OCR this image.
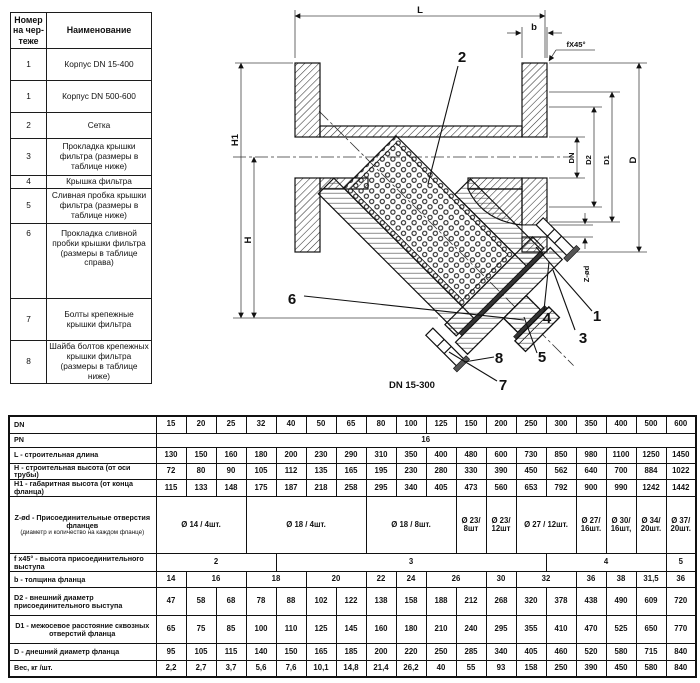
Номер на чер-теже	Наименование
1	Корпус DN 15-400
1	Корпус DN 500-600
2	Сетка
3	Прокладка крышки фильтра (размеры в таблице ниже)
4	Крышка фильтра
5	Сливная пробка крышки фильтра (размеры в таблице ниже)
6	Прокладка сливной пробки крышки фильтра (размеры в таблице справа)
7	Болты крепежные крышки фильтра
8	Шайба болтов крепежных крышки фильтра (размеры в таблице ниже)
L
b
fX45°
DN D2 D1 D
Z-ød
H1
H
2
6
1
3
4
5
8
7
DN 15-300
DN	15	20	25	32	40	50	65	80	100	125	150	200	250	300	350	400	500	600

PN	16																	

L - строительная длина	130	150	160	180	200	230	290	310	350	400	480	600	730	850	980	1100	1250	1450

H - строительная высота (от оси трубы)	72	80	90	105	112	135	165	195	230	280	330	390	450	562	640	700	884	1022

H1 - габаритная высота (от конца фланца)	115	133	148	175	187	218	258	295	340	405	473	560	653	792	900	990	1242	1442

Z-ød - Присоединительные отверстия фланцев
(диаметр и количество на каждом фланце)	Ø 14 / 4шт.			Ø 18 / 4шт.				Ø 18 / 8шт.			Ø 23/ 8шт	Ø 23/ 12шт	Ø 27 / 12шт.		Ø 27/ 16шт.	Ø 30/ 16шт,	Ø 34/ 20шт.	Ø 37/ 20шт.

f x45° - высота присоединительного выступа	2				3									4				5

b - толщина фланца	14	16		18		20		22	24	26		30	32		36	38	31,5	36

D2 - внешний диаметр присоединительного выступа	47	58	68	78	88	102	122	138	158	188	212	268	320	378	438	490	609	720

D1 - межосевое расстояние сквозных отверстий фланца	65	75	85	100	110	125	145	160	180	210	240	295	355	410	470	525	650	770

D - днешний диаметр фланца	95	105	115	140	150	165	185	200	220	250	285	340	405	460	520	580	715	840

Вес, кг /шт.	2,2	2,7	3,7	5,6	7,6	10,1	14,8	21,4	26,2	40	55	93	158	250	390	450	580	840
